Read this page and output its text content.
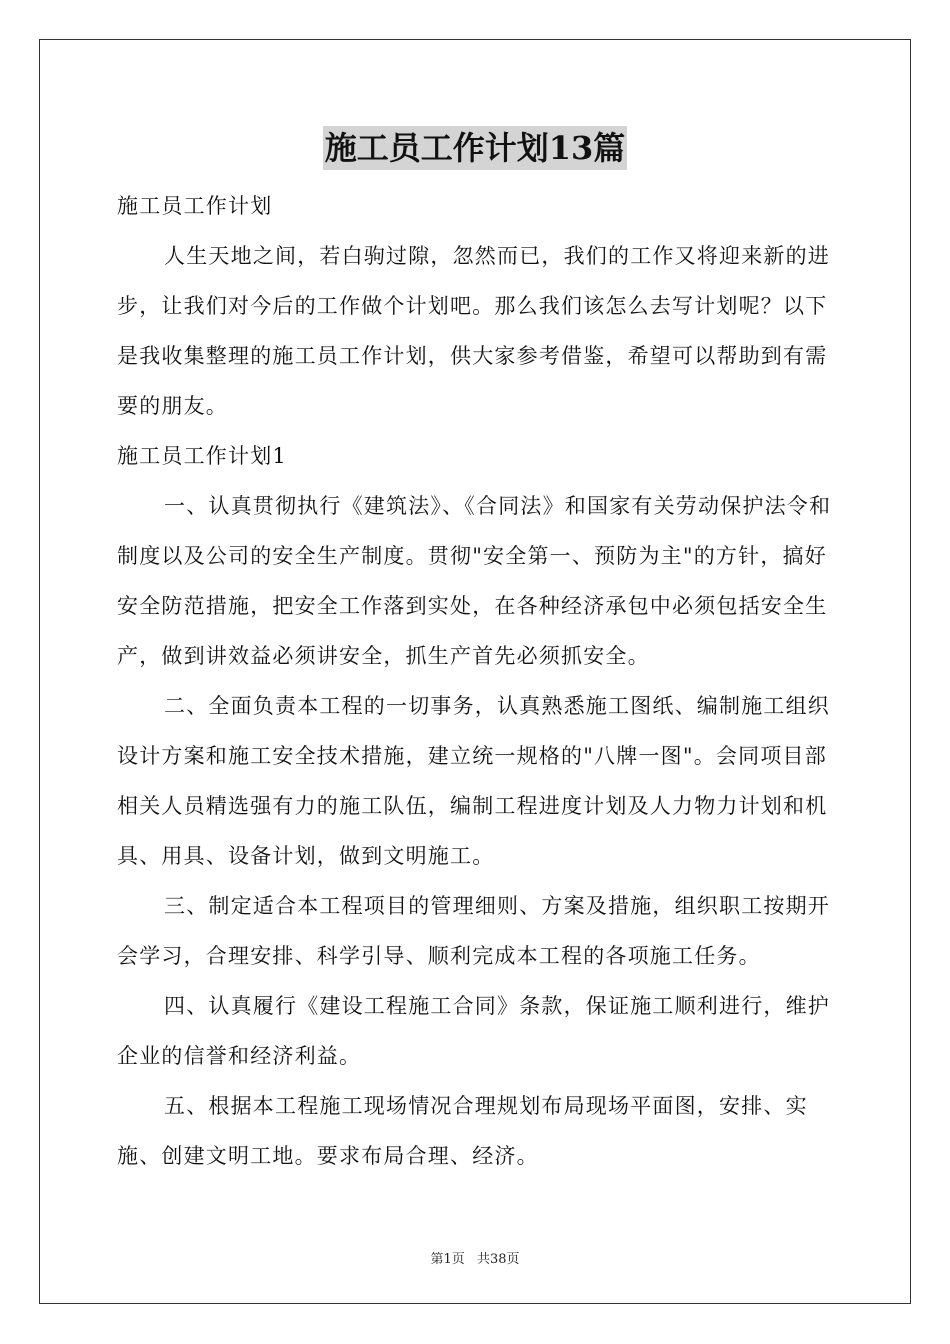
施工员工作计划13篇

施工员工作计划

人生天地之间，若白驹过隙，忽然而已，我们的工作又将迎来新的进步，让我们对今后的工作做个计划吧。那么我们该怎么去写计划呢？以下是我收集整理的施工员工作计划，供大家参考借鉴，希望可以帮助到有需要的朋友。

施工员工作计划1

一、认真贯彻执行《建筑法》、《合同法》和国家有关劳动保护法令和制度以及公司的安全生产制度。贯彻"安全第一、预防为主"的方针，搞好安全防范措施，把安全工作落到实处，在各种经济承包中必须包括安全生产，做到讲效益必须讲安全，抓生产首先必须抓安全。

二、全面负责本工程的一切事务，认真熟悉施工图纸、编制施工组织设计方案和施工安全技术措施，建立统一规格的"八牌一图"。会同项目部相关人员精选强有力的施工队伍，编制工程进度计划及人力物力计划和机具、用具、设备计划，做到文明施工。

三、制定适合本工程项目的管理细则、方案及措施，组织职工按期开会学习，合理安排、科学引导、顺利完成本工程的各项施工任务。

四、认真履行《建设工程施工合同》条款，保证施工顺利进行，维护企业的信誉和经济利益。

五、根据本工程施工现场情况合理规划布局现场平面图，安排、实施、创建文明工地。要求布局合理、经济。

第1页 共38页
